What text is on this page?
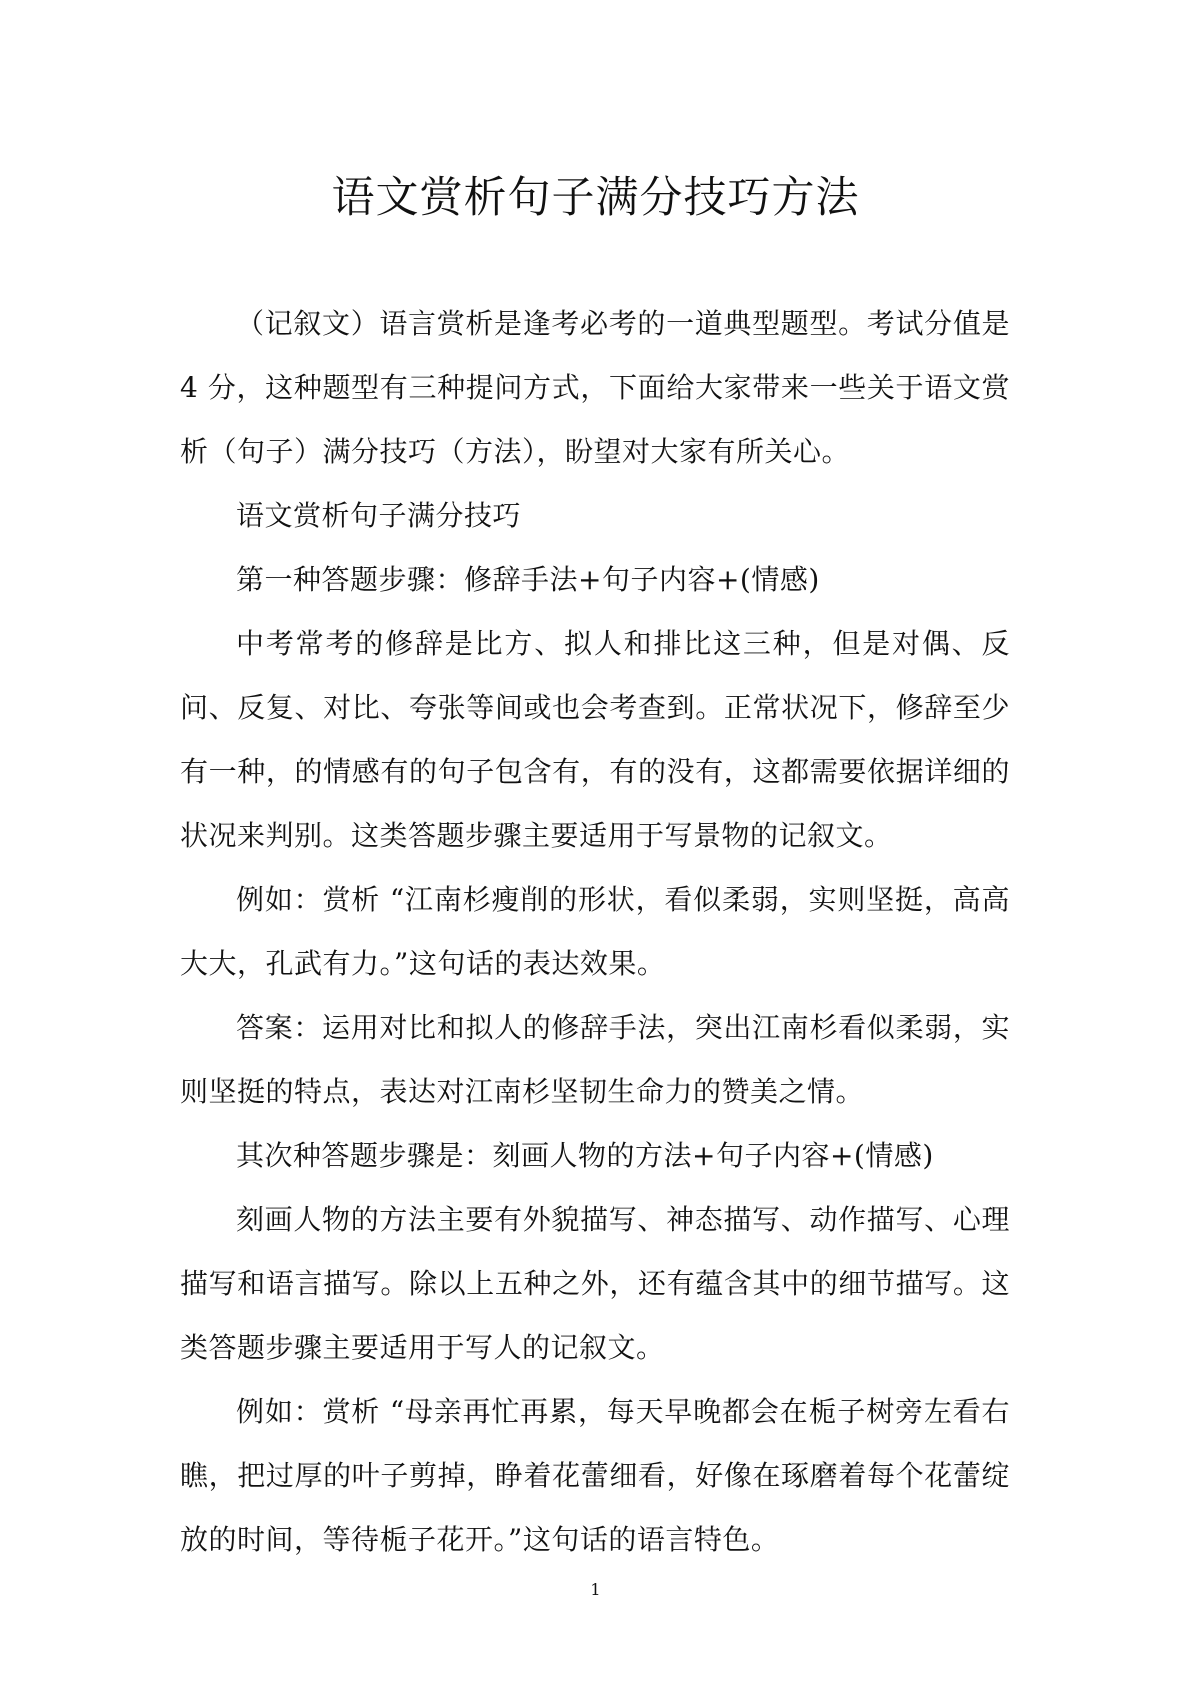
语文赏析句子满分技巧方法

（记叙文）语言赏析是逢考必考的一道典型题型。考试分值是 4 分，这种题型有三种提问方式，下面给大家带来一些关于语文赏析（句子）满分技巧（方法），盼望对大家有所关心。

语文赏析句子满分技巧

第一种答题步骤：修辞手法+句子内容+(情感)

中考常考的修辞是比方、拟人和排比这三种，但是对偶、反问、反复、对比、夸张等间或也会考查到。正常状况下，修辞至少有一种，的情感有的句子包含有，有的没有，这都需要依据详细的状况来判别。这类答题步骤主要适用于写景物的记叙文。

例如：赏析 “江南杉瘦削的形状，看似柔弱，实则坚挺，高高大大，孔武有力。”这句话的表达效果。

答案：运用对比和拟人的修辞手法，突出江南杉看似柔弱，实则坚挺的特点，表达对江南杉坚韧生命力的赞美之情。

其次种答题步骤是：刻画人物的方法+句子内容+(情感)

刻画人物的方法主要有外貌描写、神态描写、动作描写、心理描写和语言描写。除以上五种之外，还有蕴含其中的细节描写。这类答题步骤主要适用于写人的记叙文。

例如：赏析 “母亲再忙再累，每天早晚都会在栀子树旁左看右瞧，把过厚的叶子剪掉，睁着花蕾细看，好像在琢磨着每个花蕾绽放的时间，等待栀子花开。”这句话的语言特色。

1
